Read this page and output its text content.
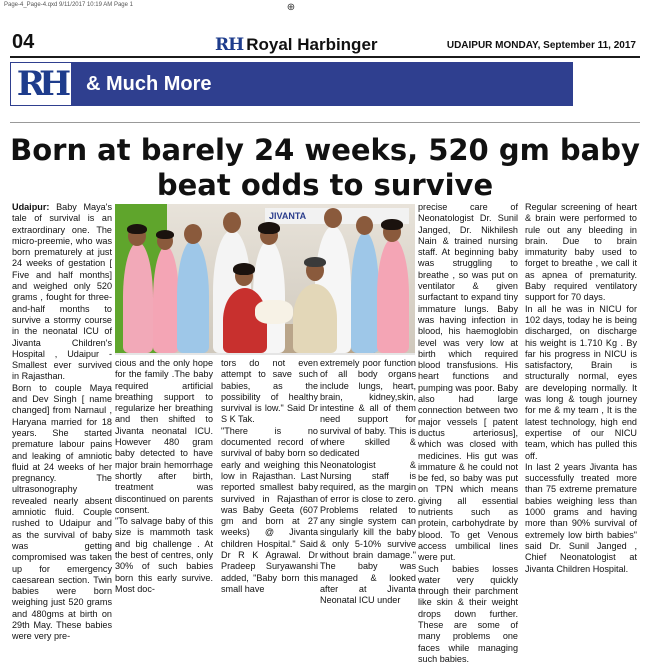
Page-4_Page-4.qxd 9/11/2017 10:19 AM Page 1	⊕
04	RH Royal Harbinger	UDAIPUR MONDAY, September 11, 2017
RH	& Much More
Born at barely 24 weeks, 520 gm baby beat odds to survive
JIVANTA

Udaipur: Baby Maya's tale of survival is an extraordinary one. The micro-preemie, who was born prematurely at just 24 weeks of gestation [ Five and half months] and weighed only 520 grams , fought for three-and-half months to survive a stormy course in the neonatal ICU of Jivanta Children's Hospital , Udaipur - Smallest ever survived in Rajasthan.

Born to couple Maya and Dev Singh [ name changed] from Narnaul , Haryana married for 18 years. She started premature labour pains and leaking of amniotic fluid at 24 weeks of her pregnancy. The ultrasonography revealed nearly absent amniotic fluid. Couple rushed to Udaipur and as the survival of baby was getting compromised was taken up for emergency caesarean section. Twin babies were born weighing just 520 grams and 480gms at birth on 29th May. These babies were very pre-

cious and the only hope for the family .The baby required artificial breathing support to regularize her breathing and then shifted to Jivanta neonatal ICU. However 480 gram baby detected to have major brain hemorrhage shortly after birth, treatment was discontinued on parents consent.

"To salvage baby of this size is mammoth task and big challenge . At the best of centres, only 30% of such babies born this early survive. Most doc-

tors do not even attempt to save such babies, as the possibility of healthy survival is low." Said Dr S K Tak.

"There is no documented record of survival of baby born so early and weighing this low in Rajasthan. Last reported smallest baby survived in Rajasthan was Baby Geeta (607 gm and born at 27 weeks) @ Jivanta children Hospital." Said Dr R K Agrawal. Dr Pradeep Suryawanshi added, "Baby born this small have

extremely poor function of all body organs include lungs, heart, brain, kidney,skin, intestine & all of them need support for survival of baby. This is where skilled & dedicated Neonatologist & Nursing staff is required, as the margin of error is close to zero. Problems related to any single system can singularly kill the baby & only 5-10% survive without brain damage." The baby was managed & looked after at Jivanta Neonatal ICU under

precise care of Neonatologist Dr. Sunil Janged, Dr. Nikhilesh Nain & trained nursing staff. At beginning baby was struggling to breathe , so was put on ventilator & given surfactant to expand tiny immature lungs. Baby was having infection in blood, his haemoglobin level was very low at birth which required blood transfusions. His heart functions and pumping was poor. Baby also had large connection between two major vessels [ patent ductus arteriosus], which was closed with medicines. His gut was immature & he could not be fed, so baby was put on TPN which means giving all essential nutrients such as protein, carbohydrate by blood. To get Venous access umbilical lines were put.

Such babies losses water very quickly through their parchment like skin & their weight drops down further. These are some of many problems one faces while managing such babies.

Regular screening of heart & brain were performed to rule out any bleeding in brain. Due to brain immaturity baby used to forget to breathe , we call it as apnea of prematurity. Baby required ventilatory support for 70 days.

In all he was in NICU for 102 days, today he is being discharged, on discharge his weight is 1.710 Kg . By far his progress in NICU is satisfactory, Brain is structurally normal, eyes are developing normally. It was long & tough journey for me & my team , It is the latest technology, high end expertise of our NICU team, which has pulled this off.

In last 2 years Jivanta has successfully treated more than 75 extreme premature babies weighing less than 1000 grams and having more than 90% survival of extremely low birth babies" said Dr. Sunil Janged , Chief Neonatologist at Jivanta Children Hospital.
